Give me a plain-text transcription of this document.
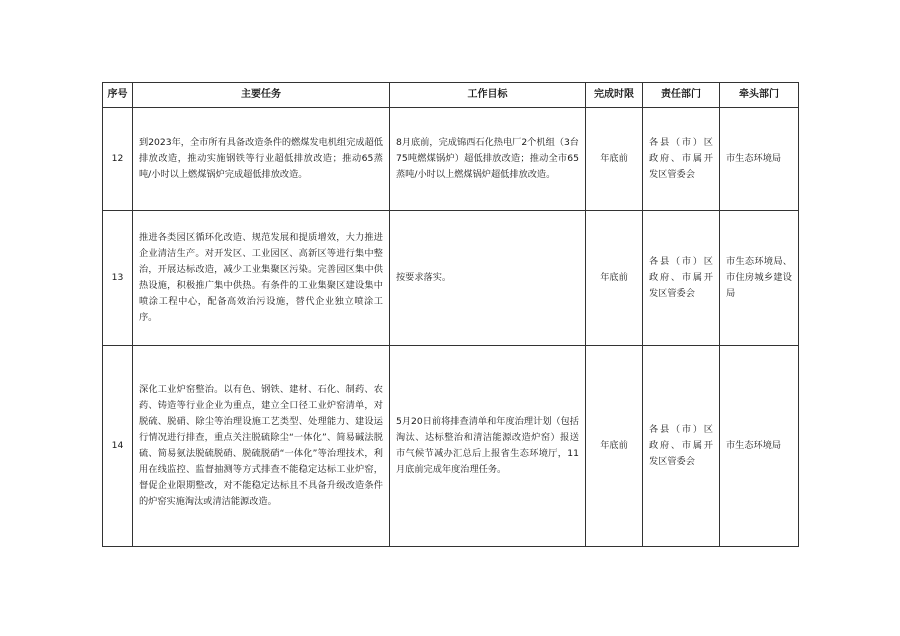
序号	主要任务	工作目标	完成时限	责任部门	牵头部门
12	到2023年，全市所有具备改造条件的燃煤发电机组完成超低排放改造，推动实施钢铁等行业超低排放改造；推动65蒸吨/小时以上燃煤锅炉完成超低排放改造。	8月底前，完成锦西石化热电厂2个机组（3台75吨燃煤锅炉）超低排放改造；推动全市65蒸吨/小时以上燃煤锅炉超低排放改造。	年底前	各县（市）区政府、市属开发区管委会	市生态环境局
13	推进各类园区循环化改造、规范发展和提质增效，大力推进企业清洁生产。对开发区、工业园区、高新区等进行集中整治，开展达标改造，减少工业集聚区污染。完善园区集中供热设施，积极推广集中供热。有条件的工业集聚区建设集中喷涂工程中心，配备高效治污设施，替代企业独立喷涂工序。	按要求落实。	年底前	各县（市）区政府、市属开发区管委会	市生态环境局、市住房城乡建设局
14	深化工业炉窑整治。以有色、钢铁、建材、石化、制药、农药、铸造等行业企业为重点，建立全口径工业炉窑清单，对脱硫、脱硝、除尘等治理设施工艺类型、处理能力、建设运行情况进行排查，重点关注脱硫除尘“一体化”、简易碱法脱硫、简易氨法脱硫脱硝、脱硫脱硝“一体化”等治理技术，利用在线监控、监督抽测等方式排查不能稳定达标工业炉窑，督促企业限期整改，对不能稳定达标且不具备升级改造条件的炉窑实施淘汰或清洁能源改造。	5月20日前将排查清单和年度治理计划（包括淘汰、达标整治和清洁能源改造炉窑）报送市气候节减办汇总后上报省生态环境厅，11月底前完成年度治理任务。	年底前	各县（市）区政府、市属开发区管委会	市生态环境局
